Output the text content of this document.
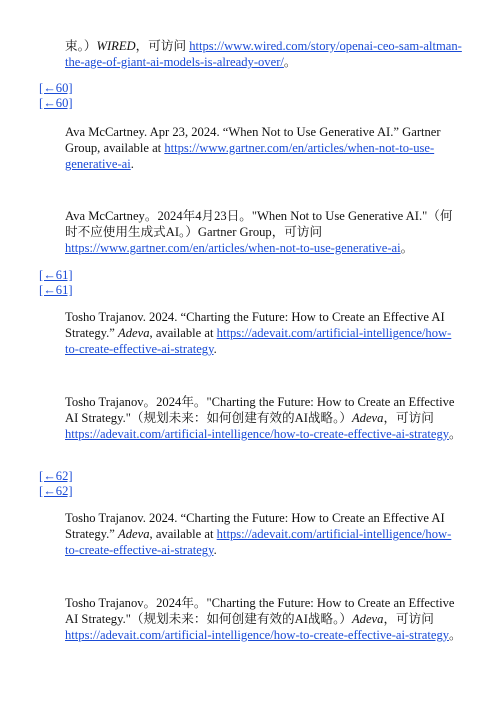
束。）WIRED，可访问 https://www.wired.com/story/openai-ceo-sam-altman-the-age-of-giant-ai-models-is-already-over/。

[←60]
[←60]

Ava McCartney. Apr 23, 2024. “When Not to Use Generative AI.” Gartner Group, available at https://www.gartner.com/en/articles/when-not-to-use-generative-ai.

Ava McCartney。2024年4月23日。"When Not to Use Generative AI."（何时不应使用生成式AI。）Gartner Group，可访问 https://www.gartner.com/en/articles/when-not-to-use-generative-ai。

[←61]
[←61]

Tosho Trajanov. 2024. “Charting the Future: How to Create an Effective AI Strategy.” Adeva, available at https://adevait.com/artificial-intelligence/how-to-create-effective-ai-strategy.

Tosho Trajanov。2024年。"Charting the Future: How to Create an Effective AI Strategy."（规划未来：如何创建有效的AI战略。）Adeva，可访问 https://adevait.com/artificial-intelligence/how-to-create-effective-ai-strategy。

[←62]
[←62]

Tosho Trajanov. 2024. “Charting the Future: How to Create an Effective AI Strategy.” Adeva, available at https://adevait.com/artificial-intelligence/how-to-create-effective-ai-strategy.

Tosho Trajanov。2024年。"Charting the Future: How to Create an Effective AI Strategy."（规划未来：如何创建有效的AI战略。）Adeva，可访问 https://adevait.com/artificial-intelligence/how-to-create-effective-ai-strategy。
